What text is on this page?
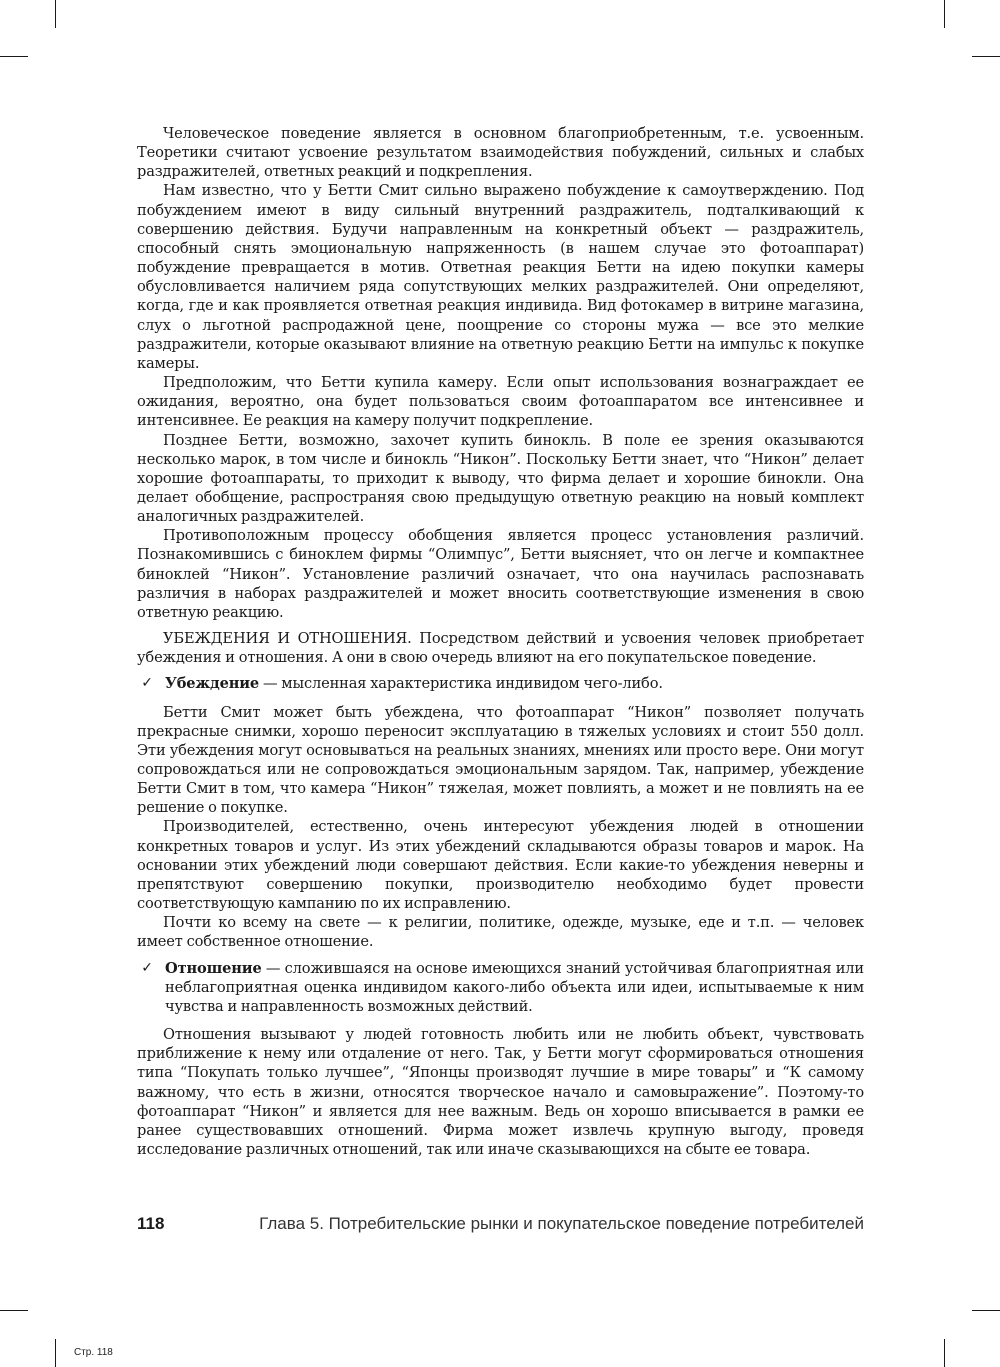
Человеческое поведение является в основном благоприобретенным, т.е. усвоенным. Теоретики считают усвоение результатом взаимодействия побуждений, сильных и слабых раздражителей, ответных реакций и подкрепления.

Нам известно, что у Бетти Смит сильно выражено побуждение к самоутверждению. Под побуждением имеют в виду сильный внутренний раздражитель, подталкивающий к совершению действия. Будучи направленным на конкретный объект — раздражитель, способный снять эмоциональную напряженность (в нашем случае это фотоаппарат) побуждение превращается в мотив. Ответная реакция Бетти на идею покупки камеры обусловливается наличием ряда сопутствующих мелких раздражителей. Они определяют, когда, где и как проявляется ответная реакция индивида. Вид фотокамер в витрине магазина, слух о льготной распродажной цене, поощрение со стороны мужа — все это мелкие раздражители, которые оказывают влияние на ответную реакцию Бетти на импульс к покупке камеры.

Предположим, что Бетти купила камеру. Если опыт использования вознаграждает ее ожидания, вероятно, она будет пользоваться своим фотоаппаратом все интенсивнее и интенсивнее. Ее реакция на камеру получит подкрепление.

Позднее Бетти, возможно, захочет купить бинокль. В поле ее зрения оказываются несколько марок, в том числе и бинокль “Никон”. Поскольку Бетти знает, что “Никон” делает хорошие фотоаппараты, то приходит к выводу, что фирма делает и хорошие бинокли. Она делает обобщение, распространяя свою предыдущую ответную реакцию на новый комплект аналогичных раздражителей.

Противоположным процессу обобщения является процесс установления различий. Познакомившись с биноклем фирмы “Олимпус”, Бетти выясняет, что он легче и компактнее биноклей “Никон”. Установление различий означает, что она научилась распознавать различия в наборах раздражителей и может вносить соответствующие изменения в свою ответную реакцию.

УБЕЖДЕНИЯ И ОТНОШЕНИЯ. Посредством действий и усвоения человек приобретает убеждения и отношения. А они в свою очередь влияют на его покупательское поведение.

✓ Убеждение — мысленная характеристика индивидом чего-либо.

Бетти Смит может быть убеждена, что фотоаппарат “Никон” позволяет получать прекрасные снимки, хорошо переносит эксплуатацию в тяжелых условиях и стоит 550 долл. Эти убеждения могут основываться на реальных знаниях, мнениях или просто вере. Они могут сопровождаться или не сопровождаться эмоциональным зарядом. Так, например, убеждение Бетти Смит в том, что камера “Никон” тяжелая, может повлиять, а может и не повлиять на ее решение о покупке.

Производителей, естественно, очень интересуют убеждения людей в отношении конкретных товаров и услуг. Из этих убеждений складываются образы товаров и марок. На основании этих убеждений люди совершают действия. Если какие-то убеждения неверны и препятствуют совершению покупки, производителю необходимо будет провести соответствующую кампанию по их исправлению.

Почти ко всему на свете — к религии, политике, одежде, музыке, еде и т.п. — человек имеет собственное отношение.

✓ Отношение — сложившаяся на основе имеющихся знаний устойчивая благоприятная или неблагоприятная оценка индивидом какого-либо объекта или идеи, испытываемые к ним чувства и направленность возможных действий.

Отношения вызывают у людей готовность любить или не любить объект, чувствовать приближение к нему или отдаление от него. Так, у Бетти могут сформироваться отношения типа “Покупать только лучшее”, “Японцы производят лучшие в мире товары” и “К самому важному, что есть в жизни, относятся творческое начало и самовыражение”. Поэтому-то фотоаппарат “Никон” и является для нее важным. Ведь он хорошо вписывается в рамки ее ранее существовавших отношений. Фирма может извлечь крупную выгоду, проведя исследование различных отношений, так или иначе сказывающихся на сбыте ее товара.

118	Глава 5. Потребительские рынки и покупательское поведение потребителей
Стр. 118
